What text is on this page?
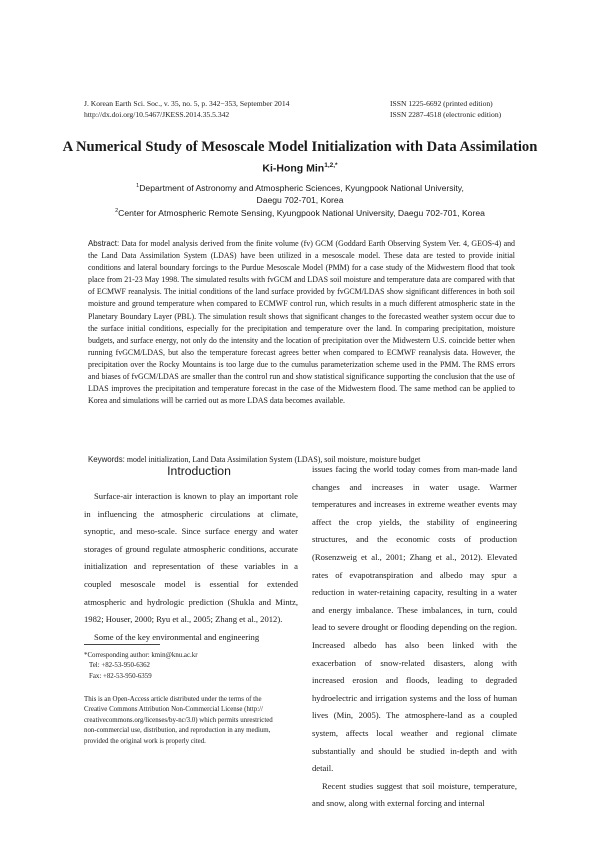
J. Korean Earth Sci. Soc., v. 35, no. 5, p. 342−353, September 2014
http://dx.doi.org/10.5467/JKESS.2014.35.5.342
ISSN 1225-6692 (printed edition)
ISSN 2287-4518 (electronic edition)
A Numerical Study of Mesoscale Model Initialization with Data Assimilation
Ki-Hong Min$^{1,2,*}$
$^1$Department of Astronomy and Atmospheric Sciences, Kyungpook National University,
Daegu 702-701, Korea
$^2$Center for Atmospheric Remote Sensing, Kyungpook National University, Daegu 702-701, Korea
Abstract: Data for model analysis derived from the finite volume (fv) GCM (Goddard Earth Observing System Ver. 4, GEOS-4) and the Land Data Assimilation System (LDAS) have been utilized in a mesoscale model. These data are tested to provide initial conditions and lateral boundary forcings to the Purdue Mesoscale Model (PMM) for a case study of the Midwestern flood that took place from 21-23 May 1998. The simulated results with fvGCM and LDAS soil moisture and temperature data are compared with that of ECMWF reanalysis. The initial conditions of the land surface provided by fvGCM/LDAS show significant differences in both soil moisture and ground temperature when compared to ECMWF control run, which results in a much different atmospheric state in the Planetary Boundary Layer (PBL). The simulation result shows that significant changes to the forecasted weather system occur due to the surface initial conditions, especially for the precipitation and temperature over the land. In comparing precipitation, moisture budgets, and surface energy, not only do the intensity and the location of precipitation over the Midwestern U.S. coincide better when running fvGCM/LDAS, but also the temperature forecast agrees better when compared to ECMWF reanalysis data. However, the precipitation over the Rocky Mountains is too large due to the cumulus parameterization scheme used in the PMM. The RMS errors and biases of fvGCM/LDAS are smaller than the control run and show statistical significance supporting the conclusion that the use of LDAS improves the precipitation and temperature forecast in the case of the Midwestern flood. The same method can be applied to Korea and simulations will be carried out as more LDAS data becomes available.
Keywords: model initialization, Land Data Assimilation System (LDAS), soil moisture, moisture budget
Introduction

Surface-air interaction is known to play an important role in influencing the atmospheric circulations at climate, synoptic, and meso-scale. Since surface energy and water storages of ground regulate atmospheric conditions, accurate initialization and representation of these variables in a coupled mesoscale model is essential for extended atmospheric and hydrologic prediction (Shukla and Mintz, 1982; Houser, 2000; Ryu et al., 2005; Zhang et al., 2012).

Some of the key environmental and engineering

issues facing the world today comes from man-made land changes and increases in water usage. Warmer temperatures and increases in extreme weather events may affect the crop yields, the stability of engineering structures, and the economic costs of production (Rosenzweig et al., 2001; Zhang et al., 2012). Elevated rates of evapotranspiration and albedo may spur a reduction in water-retaining capacity, resulting in a water and energy imbalance. These imbalances, in turn, could lead to severe drought or flooding depending on the region. Increased albedo has also been linked with the exacerbation of snow-related disasters, along with increased erosion and floods, leading to degraded hydroelectric and irrigation systems and the loss of human lives (Min, 2005). The atmosphere-land as a coupled system, affects local weather and regional climate substantially and should be studied in-depth and with detail.

Recent studies suggest that soil moisture, temperature, and snow, along with external forcing and internal

*Corresponding author: kmin@knu.ac.kr
Tel: +82-53-950-6362
Fax: +82-53-950-6359
This is an Open-Access article distributed under the terms of the
Creative Commons Attribution Non-Commercial License (http://
creativecommons.org/licenses/by-nc/3.0) which permits unrestricted
non-commercial use, distribution, and reproduction in any medium,
provided the original work is properly cited.
